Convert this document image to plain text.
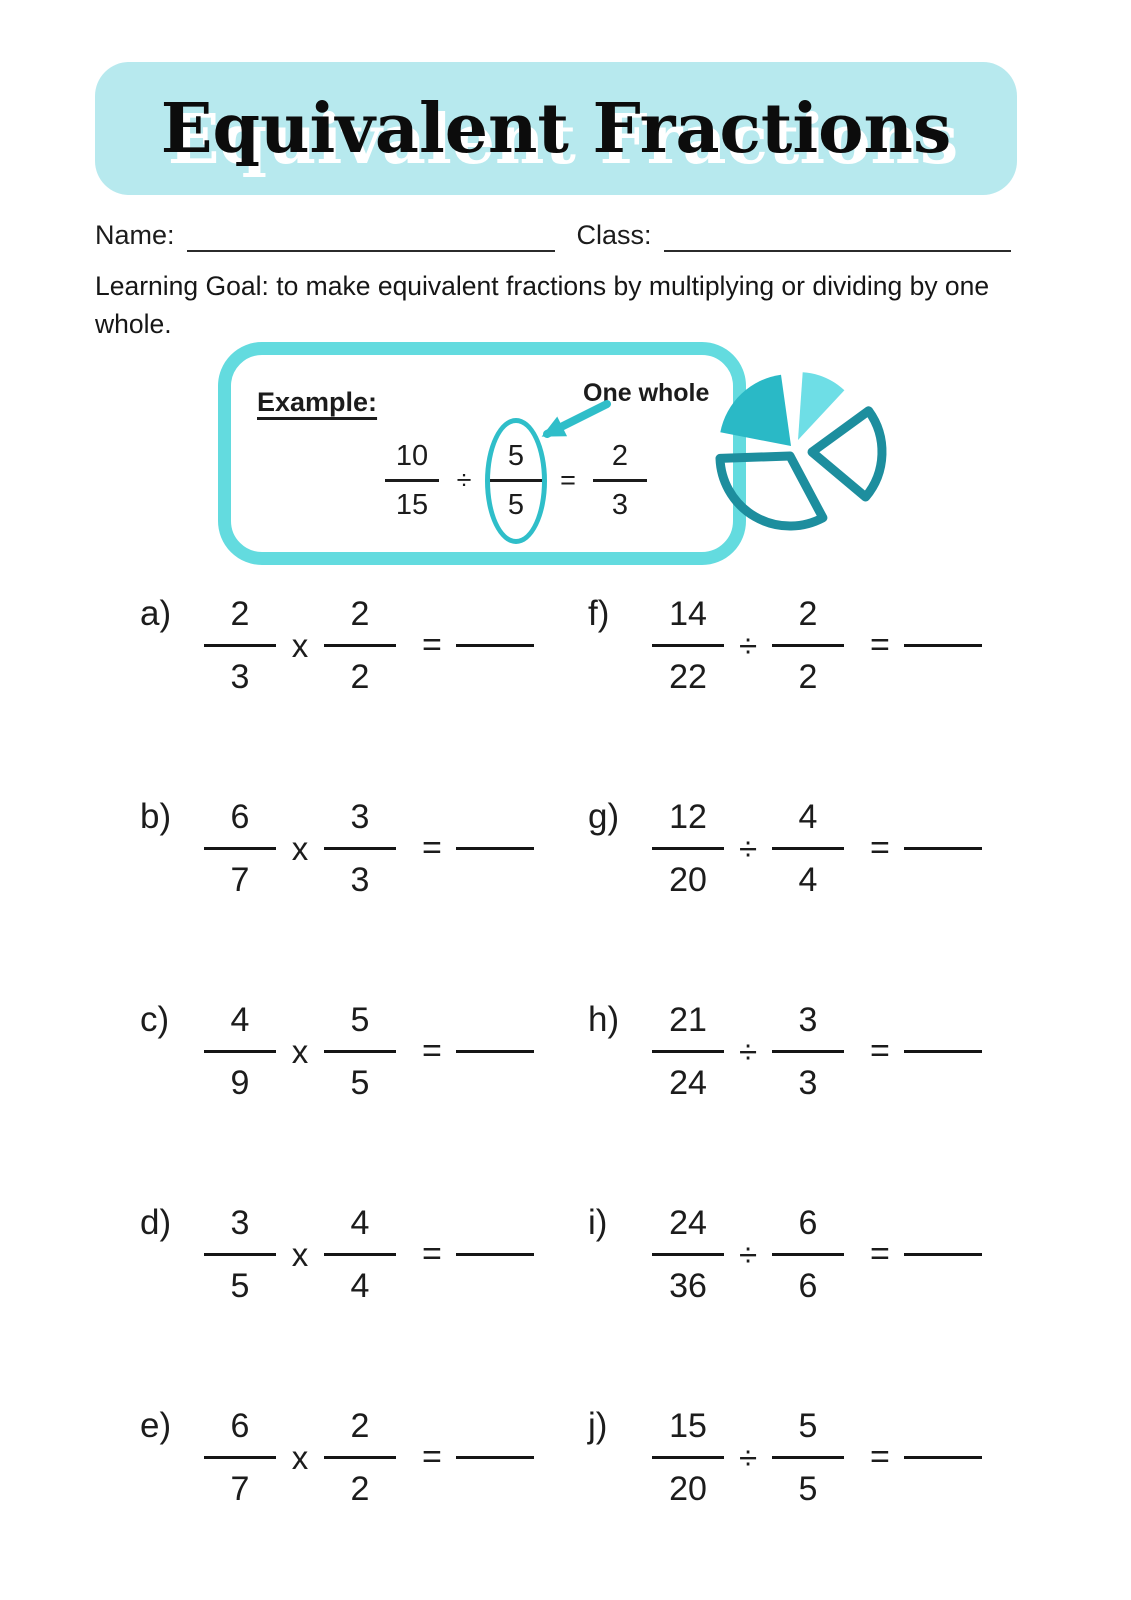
Equivalent Fractions
Name:	Class:

Learning Goal: to make equivalent fractions by multiplying or dividing by one whole.

Example:
10
15
÷
5
5
=
2
3
One whole
a)	2
3
x
2
2
=
f)	14
22
÷
2
2
=
b)	6
7
x
3
3
=
g)	12
20
÷
4
4
=
c)	4
9
x
5
5
=
h)	21
24
÷
3
3
=
d)	3
5
x
4
4
=
i)	24
36
÷
6
6
=
e)	6
7
x
2
2
=
j)	15
20
÷
5
5
=
